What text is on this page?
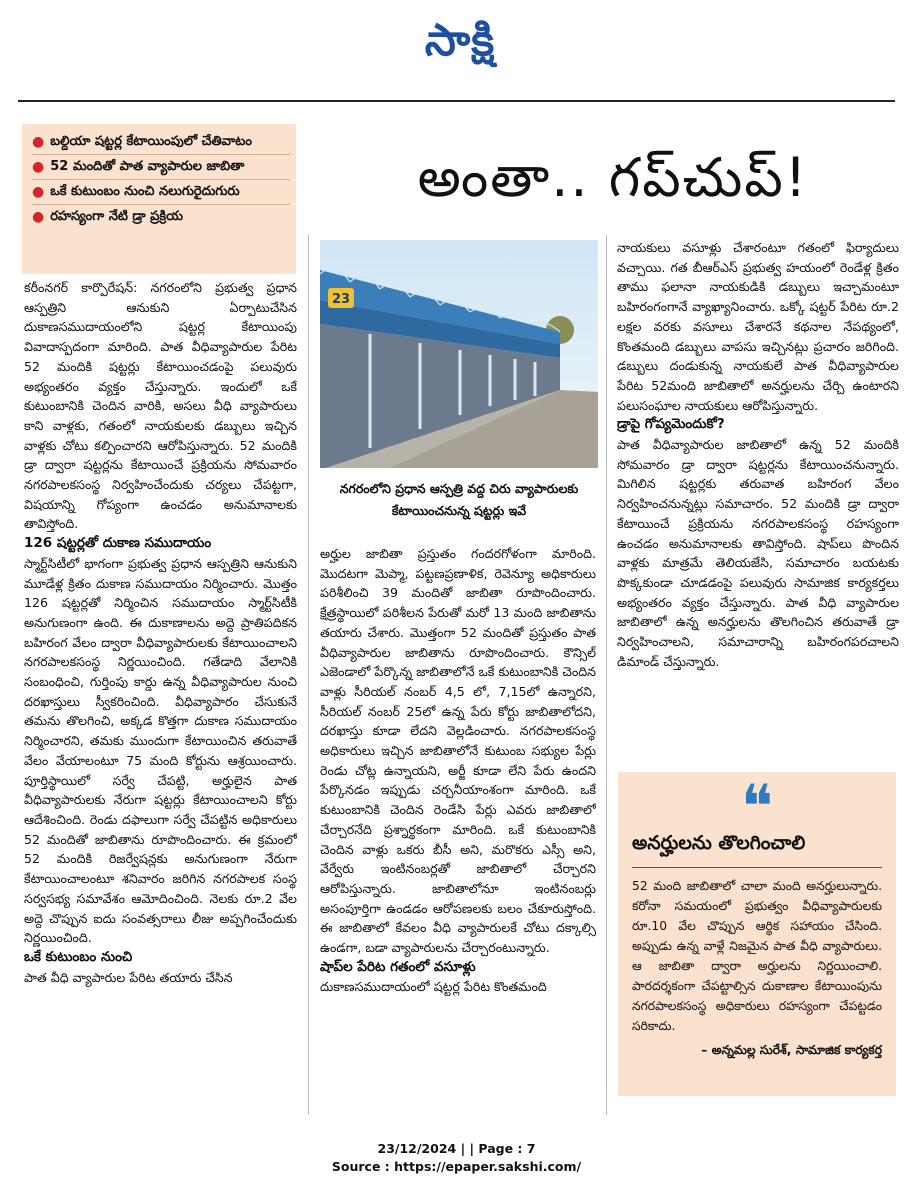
సాక్షి
● బల్దియా షట్టర్ల కేటాయింపులో చేతివాటం
● 52 మందితో పాత వ్యాపారుల జాబితా
● ఒకే కుటుంబం నుంచి నలుగురైదుగురు
● రహస్యంగా నేటి డ్రా ప్రక్రియ
అంతా.. గప్‌చుప్‌!

కరీంనగర్ కార్పొరేషన్: నగరంలోని ప్రభుత్వ ప్రధాన ఆస్పత్రిని ఆనుకుని ఏర్పాటుచేసిన దుకాణసముదాయంలోని షట్టర్ల కేటాయింపు వివాదాస్పదంగా మారింది. పాత వీధివ్యాపారుల పేరిట 52 మందికి షట్టర్లు కేటాయించడంపై పలువురు అభ్యంతరం వ్యక్తం చేస్తున్నారు. ఇందులో ఒకే కుటుంబానికి చెందిన వారికి, అసలు వీధి వ్యాపారులు కాని వాళ్లకు, గతంలో నాయకులకు డబ్బులు ఇచ్చిన వాళ్లకు చోటు కల్పించారని ఆరోపిస్తున్నారు. 52 మందికి డ్రా ద్వారా షట్టర్లను కేటాయించే ప్రక్రియను సోమవారం నగరపాలకసంస్థ నిర్వహించేందుకు చర్యలు చేపట్టగా, విషయాన్ని గోప్యంగా ఉంచడం అనుమానాలకు తావిస్తోంది.

126 షట్టర్లతో దుకాణ సముదాయం

స్మార్ట్‌సిటీలో భాగంగా ప్రభుత్వ ప్రధాన ఆస్పత్రిని ఆనుకుని మూడేళ్ల క్రితం దుకాణ సముదాయం నిర్మించారు. మొత్తం 126 షట్టర్లతో నిర్మించిన సముదాయం స్మార్ట్‌సిటీకి అనుగుణంగా ఉంది. ఈ దుకాణాలను అద్దె ప్రాతిపదికన బహిరంగ వేలం ద్వారా వీధివ్యాపారులకు కేటాయించాలని నగరపాలకసంస్థ నిర్ణయించింది. గతేడాది వేలానికి సంబంధించి, గుర్తింపు కార్డు ఉన్న వీధివ్యాపారుల నుంచి దరఖాస్తులు స్వీకరించింది. వీధివ్యాపారం చేసుకునే తమను తొలగించి, అక్కడ కొత్తగా దుకాణ సముదాయం నిర్మించారని, తమకు ముందుగా కేటాయించిన తరువాతే వేలం వేయాలంటూ 75 మంది కోర్టును ఆశ్రయించారు. పూర్తిస్థాయిలో సర్వే చేపట్టి, అర్హులైన పాత వీధివ్యాపారులకు నేరుగా షట్టర్లు కేటాయించాలని కోర్టు ఆదేశించింది. రెండు దఫాలుగా సర్వే చేపట్టిన అధికారులు 52 మందితో జాబితాను రూపొందించారు. ఈ క్రమంలో 52 మందికి రిజర్వేషన్లకు అనుగుణంగా నేరుగా కేటాయించాలంటూ శనివారం జరిగిన నగరపాలక సంస్థ సర్వసభ్య సమావేశం ఆమోదించింది. నెలకు రూ.2 వేల అద్దె చొప్పున ఐదు సంవత్సరాలు లీజు అప్పగించేందుకు నిర్ణయించింది.

ఒకే కుటుంబం నుంచి

పాత వీధి వ్యాపారుల పేరిట తయారు చేసిన

23
నగరంలోని ప్రధాన ఆస్పత్రి వద్ద చిరు వ్యాపారులకు కేటాయించనున్న షట్టర్లు ఇవే

అర్హుల జాబితా ప్రస్తుతం గందరగోళంగా మారింది. మొదటగా మెప్మా, పట్టణప్రణాళిక, రెవెన్యూ అధికారులు పరిశీలించి 39 మందితో జాబితా రూపొందించారు. క్షేత్రస్థాయిలో పరిశీలన పేరుతో మరో 13 మంది జాబితాను తయారు చేశారు. మొత్తంగా 52 మందితో ప్రస్తుతం పాత వీధివ్యాపారుల జాబితాను రూపొందించారు. కౌన్సిల్ ఎజెండాలో పేర్కొన్న జాబితాలోనే ఒకే కుటుంబానికి చెందిన వాళ్లు సీరియల్ నంబర్ 4,5 లో, 7,15లో ఉన్నారని, సీరియల్ నంబర్ 25లో ఉన్న పేరు కోర్టు జాబితాలోదని, దరఖాస్తు కూడా లేదని వెల్లడించారు. నగరపాలకసంస్థ అధికారులు ఇచ్చిన జాబితాలోనే కుటుంబ సభ్యుల పేర్లు రెండు చోట్ల ఉన్నాయని, అర్జీ కూడా లేని పేరు ఉందని పేర్కొనడం ఇప్పుడు చర్చనీయాంశంగా మారింది. ఒకే కుటుంబానికి చెందిన రెండేసి పేర్లు ఎవరు జాబితాలో చేర్చారనేది ప్రశ్నార్థకంగా మారింది. ఒకే కుటుంబానికి చెందిన వాళ్లు ఒకరు బీసీ అని, మరొకరు ఎస్సీ అని, వేర్వేరు ఇంటినంబర్లతో జాబితాలో చేర్చారని ఆరోపిస్తున్నారు. జాబితాలోనూ ఇంటినంబర్లు అసంపూర్తిగా ఉండడం ఆరోపణలకు బలం చేకూరుస్తోంది. ఈ జాబితాలో కేవలం వీధి వ్యాపారులకే చోటు దక్కాల్సి ఉండగా, బడా వ్యాపారులను చేర్చారంటున్నారు.

షాప్‌ల పేరిట గతంలో వసూళ్లు

దుకాణసముదాయంలో షట్టర్ల పేరిట కొంతమంది

నాయకులు వసూళ్లు చేశారంటూ గతంలో ఫిర్యాదులు వచ్చాయి. గత బీఆర్ఎస్ ప్రభుత్వ హయంలో రెండేళ్ల క్రితం తాము ఫలానా నాయకుడికి డబ్బులు ఇచ్చామంటూ బహిరంగంగానే వ్యాఖ్యానించారు. ఒక్కో షట్టర్ పేరిట రూ.2 లక్షల వరకు వసూలు చేశారనే కథనాల నేపథ్యంలో, కొంతమంది డబ్బులు వాపసు ఇచ్చినట్లు ప్రచారం జరిగింది. డబ్బులు దండుకున్న నాయకులే పాత వీధివ్యాపారుల పేరిట 52మంది జాబితాలో అనర్హులను చేర్చి ఉంటారని పలుసంఘాల నాయకులు ఆరోపిస్తున్నారు.

డ్రాపై గోప్యమెందుకో?

పాత వీధివ్యాపారుల జాబితాలో ఉన్న 52 మందికి సోమవారం డ్రా ద్వారా షట్టర్లను కేటాయించనున్నారు. మిగిలిన షట్టర్లకు తరువాత బహిరంగ వేలం నిర్వహించనున్నట్లు సమాచారం. 52 మందికి డ్రా ద్వారా కేటాయించే ప్రక్రియను నగరపాలకసంస్థ రహస్యంగా ఉంచడం అనుమానాలకు తావిస్తోంది. షాప్‌లు పొందిన వాళ్లకు మాత్రమే తెలియజేసి, సమాచారం బయటకు పొక్కకుండా చూడడంపై పలువురు సామాజిక కార్యకర్తలు అభ్యంతరం వ్యక్తం చేస్తున్నారు. పాత వీధి వ్యాపారుల జాబితాలో ఉన్న అనర్హులను తొలగించిన తరువాతే డ్రా నిర్వహించాలని, సమాచారాన్ని బహిరంగపరచాలని డిమాండ్ చేస్తున్నారు.

❝
అనర్హులను తొలగించాలి
52 మంది జాబితాలో చాలా మంది అనర్హులున్నారు. కరోనా సమయంలో ప్రభుత్వం వీధివ్యాపారులకు రూ.10 వేల చొప్పున ఆర్థిక సహాయం చేసింది. అప్పుడు ఉన్న వాళ్లే నిజమైన పాత వీధి వ్యాపారులు. ఆ జాబితా ద్వారా అర్హులను నిర్ణయించాలి. పారదర్శకంగా చేపట్టాల్సిన దుకాణాల కేటాయింపును నగరపాలకసంస్థ అధికారులు రహస్యంగా చేపట్టడం సరికాదు.
– అన్నమల్ల సురేశ్, సామాజిక కార్యకర్త
23/12/2024 | | Page : 7
Source : https://epaper.sakshi.com/
